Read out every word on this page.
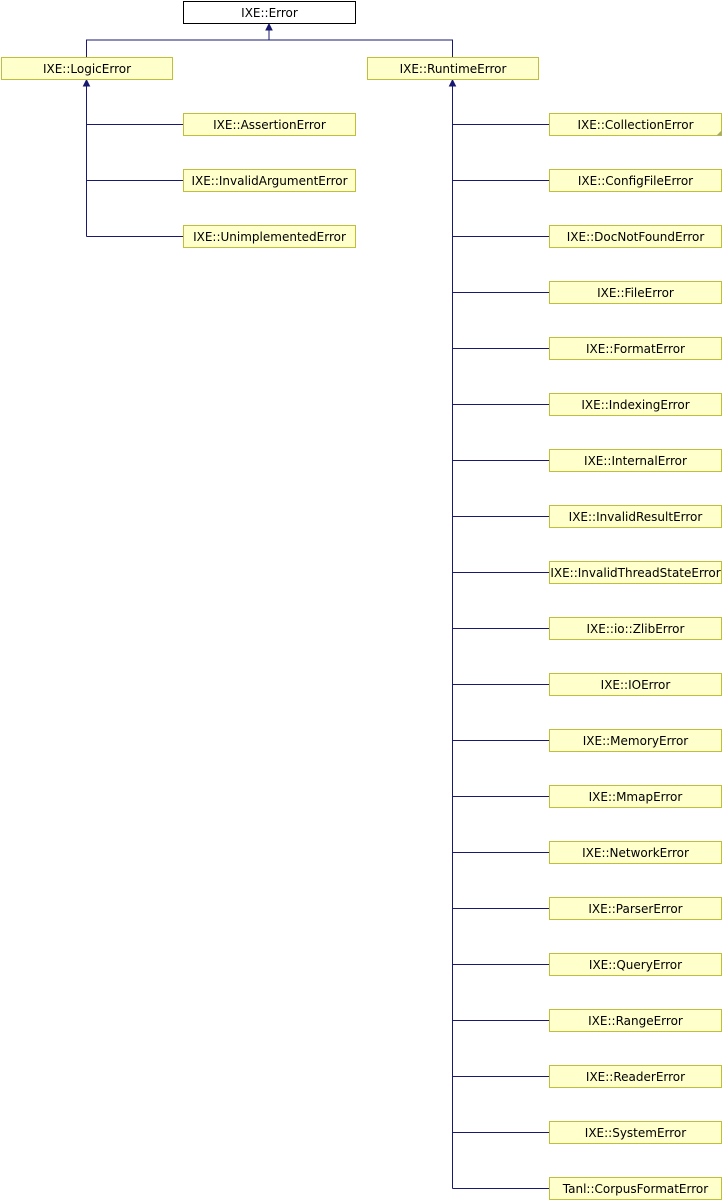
IXE::Error
IXE::LogicError
IXE::AssertionError
IXE::InvalidArgumentError
IXE::UnimplementedError
IXE::RuntimeError
IXE::CollectionError
IXE::ConfigFileError
IXE::DocNotFoundError
IXE::FileError
IXE::FormatError
IXE::IndexingError
IXE::InternalError
IXE::InvalidResultError
IXE::InvalidThreadStateError
IXE::io::ZlibError
IXE::IOError
IXE::MemoryError
IXE::MmapError
IXE::NetworkError
IXE::ParserError
IXE::QueryError
IXE::RangeError
IXE::ReaderError
IXE::SystemError
Tanl::CorpusFormatError
